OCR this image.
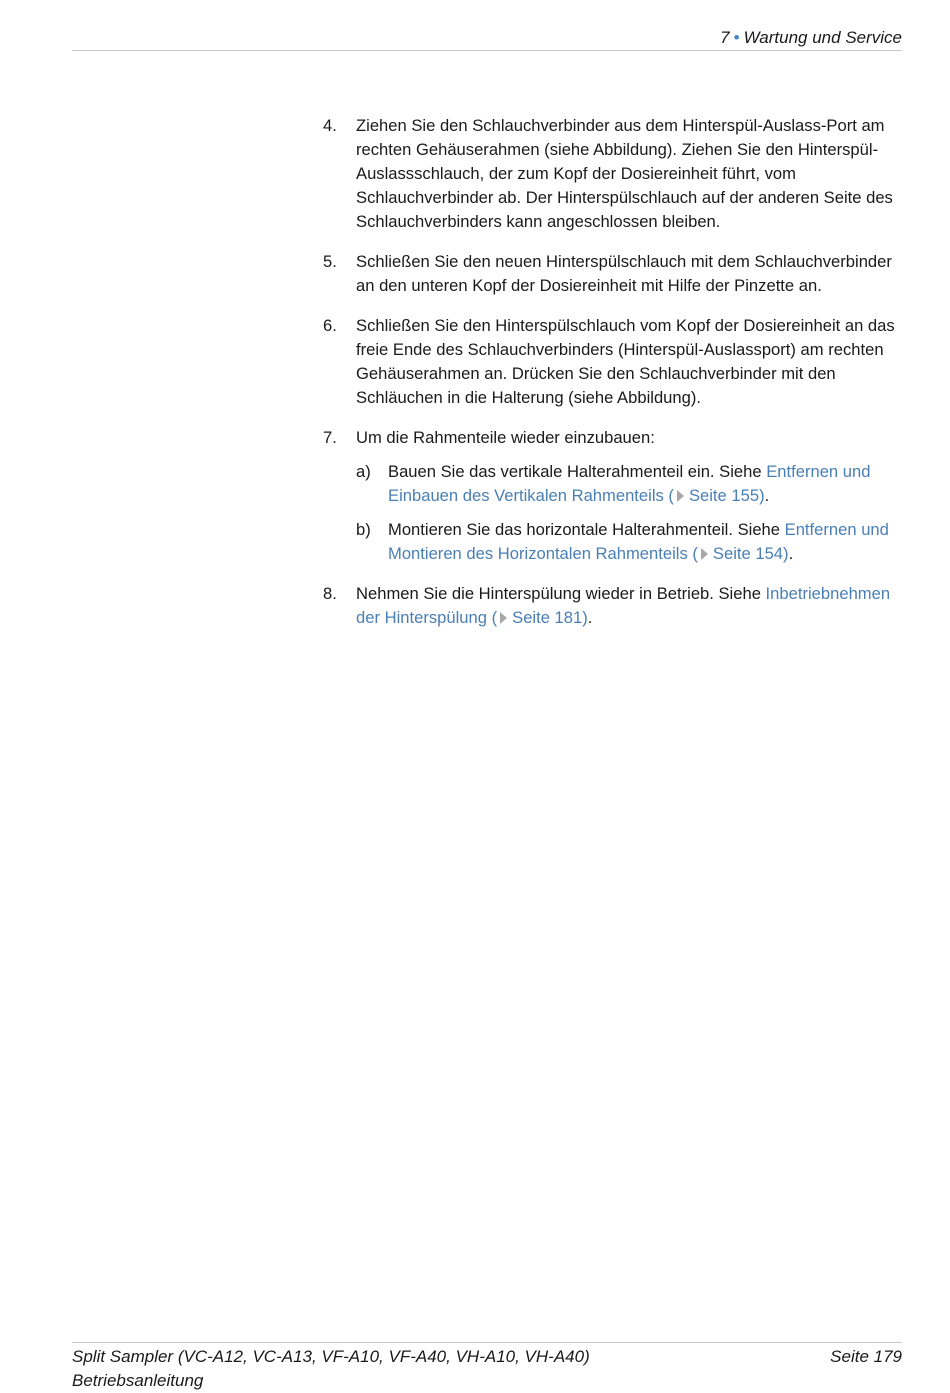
7 • Wartung und Service
4.	Ziehen Sie den Schlauchverbinder aus dem Hinterspül-Auslass-Port am rechten Gehäuserahmen (siehe Abbildung). Ziehen Sie den Hinterspül-Auslassschlauch, der zum Kopf der Dosiereinheit führt, vom Schlauchverbinder ab. Der Hinterspülschlauch auf der anderen Seite des Schlauchverbinders kann angeschlossen bleiben.
5.	Schließen Sie den neuen Hinterspülschlauch mit dem Schlauchverbinder an den unteren Kopf der Dosiereinheit mit Hilfe der Pinzette an.
6.	Schließen Sie den Hinterspülschlauch vom Kopf der Dosiereinheit an das freie Ende des Schlauchverbinders (Hinterspül-Auslassport) am rechten Gehäuserahmen an. Drücken Sie den Schlauchverbinder mit den Schläuchen in die Halterung (siehe Abbildung).
7.	Um die Rahmenteile wieder einzubauen:
a)	Bauen Sie das vertikale Halterahmenteil ein. Siehe Entfernen und Einbauen des Vertikalen Rahmenteils ( Seite 155).
b)	Montieren Sie das horizontale Halterahmenteil. Siehe Entfernen und Montieren des Horizontalen Rahmenteils ( Seite 154).
8.	Nehmen Sie die Hinterspülung wieder in Betrieb. Siehe Inbetriebnehmen der Hinterspülung ( Seite 181).
Split Sampler (VC-A12, VC-A13, VF-A10, VF-A40, VH-A10, VH-A40)
Betriebsanleitung
Seite 179
